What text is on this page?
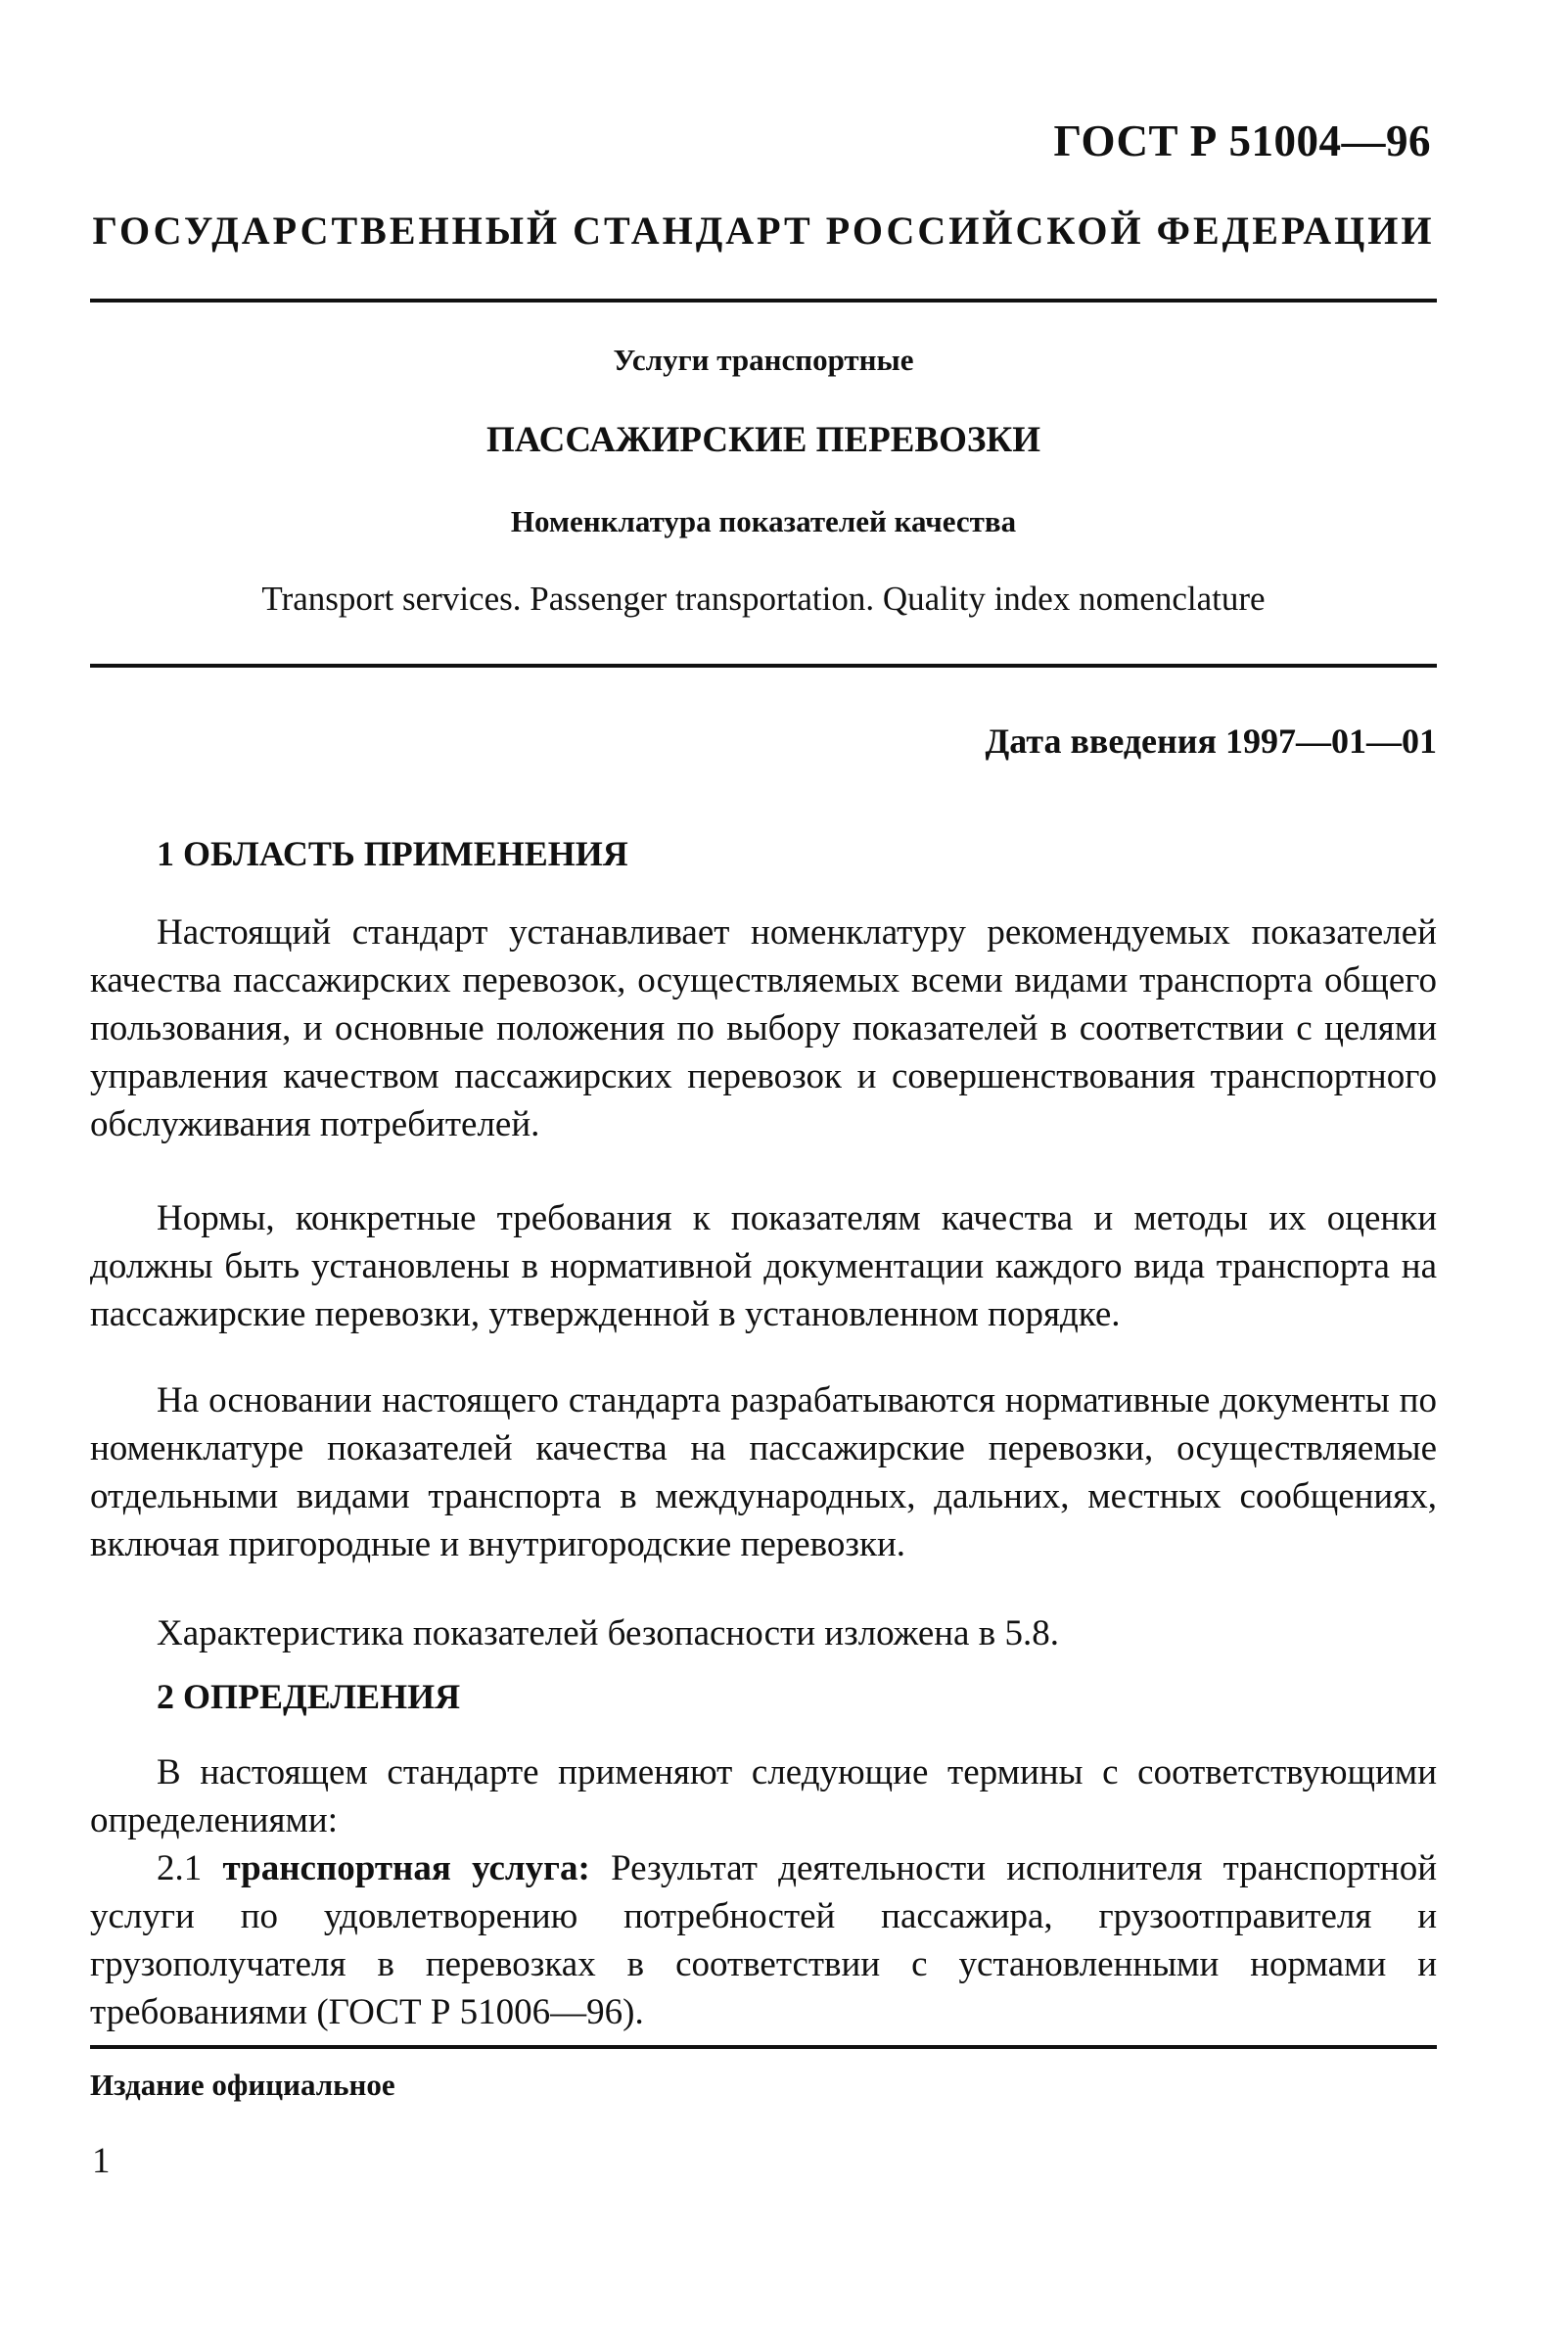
ГОСТ Р 51004—96
ГОСУДАРСТВЕННЫЙ СТАНДАРТ РОССИЙСКОЙ ФЕДЕРАЦИИ
Услуги транспортные
ПАССАЖИРСКИЕ ПЕРЕВОЗКИ
Номенклатура показателей качества
Transport services. Passenger transportation. Quality index nomenclature
Дата введения 1997—01—01
1 ОБЛАСТЬ ПРИМЕНЕНИЯ

Настоящий стандарт устанавливает номенклатуру рекомендуемых показателей качества пассажирских перевозок, осуществляемых всеми видами транспорта общего пользования, и основные положения по выбору показателей в соответствии с целями управления качеством пассажирских перевозок и совершенствования транспортного обслуживания потребителей.

Нормы, конкретные требования к показателям качества и методы их оценки должны быть установлены в нормативной документации каждого вида транспорта на пассажирские перевозки, утвержденной в установленном порядке.

На основании настоящего стандарта разрабатываются нормативные документы по номенклатуре показателей качества на пассажирские перевозки, осуществляемые отдельными видами транспорта в международных, дальних, местных сообщениях, включая пригородные и внутригородские перевозки.

Характеристика показателей безопасности изложена в 5.8.

2 ОПРЕДЕЛЕНИЯ

В настоящем стандарте применяют следующие термины с соответствующими определениями:

2.1 транспортная услуга: Результат деятельности исполнителя транспортной услуги по удовлетворению потребностей пассажира, грузоотправителя и грузополучателя в перевозках в соответствии с установленными нормами и требованиями (ГОСТ Р 51006—96).

Издание официальное
1
